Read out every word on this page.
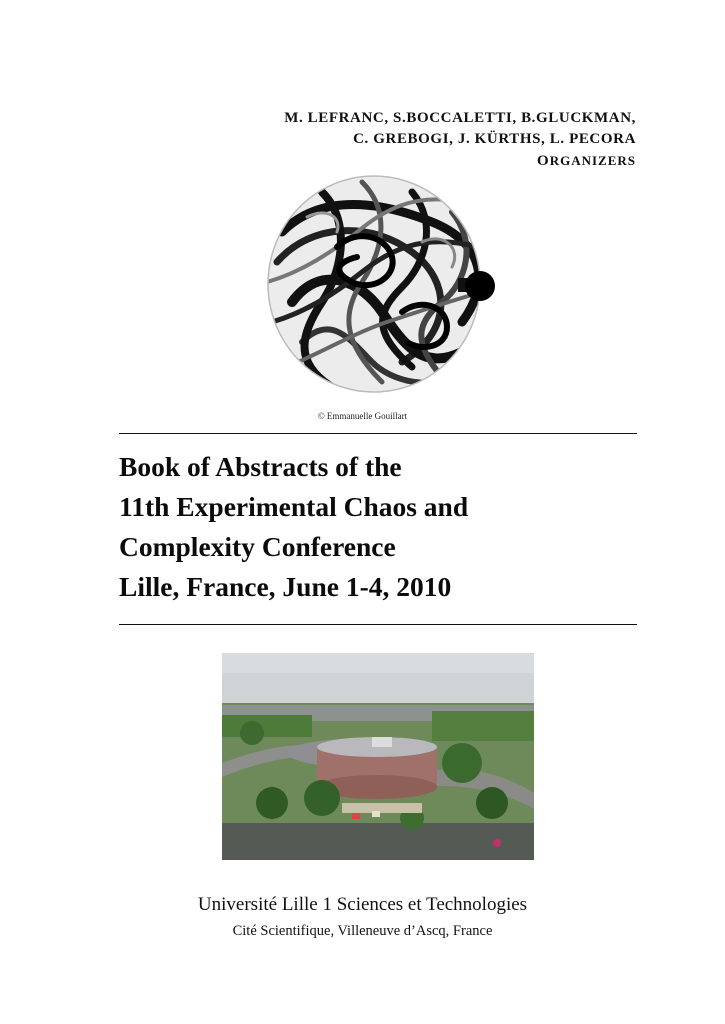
M. LEFRANC, S.BOCCALETTI, B.GLUCKMAN,
C. GREBOGI, J. KÜRTHS, L. PECORA
ORGANIZERS
© Emmanuelle Gouillart
Book of Abstracts of the
11th Experimental Chaos and
Complexity Conference
Lille, France, June 1-4, 2010
Université Lille 1 Sciences et Technologies
Cité Scientifique, Villeneuve d’Ascq, France
